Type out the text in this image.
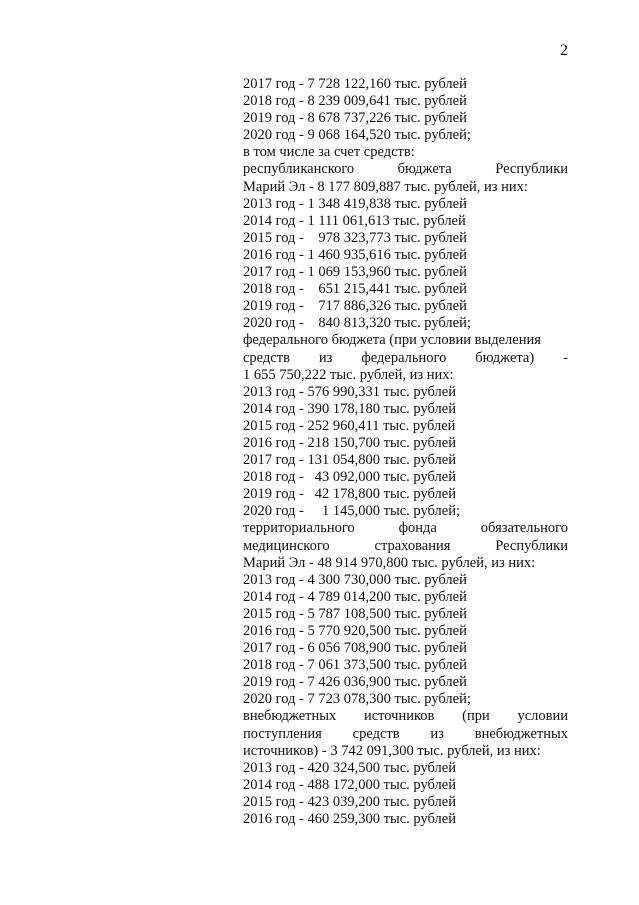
2
2017 год - 7 728 122,160 тыс. рублей
2018 год - 8 239 009,641 тыс. рублей
2019 год - 8 678 737,226 тыс. рублей
2020 год - 9 068 164,520 тыс. рублей;
в том числе за счет средств:
республиканского бюджета Республики
Марий Эл - 8 177 809,887 тыс. рублей, из них:
2013 год - 1 348 419,838 тыс. рублей
2014 год - 1 111 061,613 тыс. рублей
2015 год -    978 323,773 тыс. рублей
2016 год - 1 460 935,616 тыс. рублей
2017 год - 1 069 153,960 тыс. рублей
2018 год -    651 215,441 тыс. рублей
2019 год -    717 886,326 тыс. рублей
2020 год -    840 813,320 тыс. рублей;
федерального бюджета (при условии выделения
средств из федерального бюджета) -
1 655 750,222 тыс. рублей, из них:
2013 год - 576 990,331 тыс. рублей
2014 год - 390 178,180 тыс. рублей
2015 год - 252 960,411 тыс. рублей
2016 год - 218 150,700 тыс. рублей
2017 год - 131 054,800 тыс. рублей
2018 год -   43 092,000 тыс. рублей
2019 год -   42 178,800 тыс. рублей
2020 год -     1 145,000 тыс. рублей;
территориального фонда обязательного
медицинского страхования Республики
Марий Эл - 48 914 970,800 тыс. рублей, из них:
2013 год - 4 300 730,000 тыс. рублей
2014 год - 4 789 014,200 тыс. рублей
2015 год - 5 787 108,500 тыс. рублей
2016 год - 5 770 920,500 тыс. рублей
2017 год - 6 056 708,900 тыс. рублей
2018 год - 7 061 373,500 тыс. рублей
2019 год - 7 426 036,900 тыс. рублей
2020 год - 7 723 078,300 тыс. рублей;
внебюджетных источников (при условии
поступления средств из внебюджетных
источников) - 3 742 091,300 тыс. рублей, из них:
2013 год - 420 324,500 тыс. рублей
2014 год - 488 172,000 тыс. рублей
2015 год - 423 039,200 тыс. рублей
2016 год - 460 259,300 тыс. рублей
